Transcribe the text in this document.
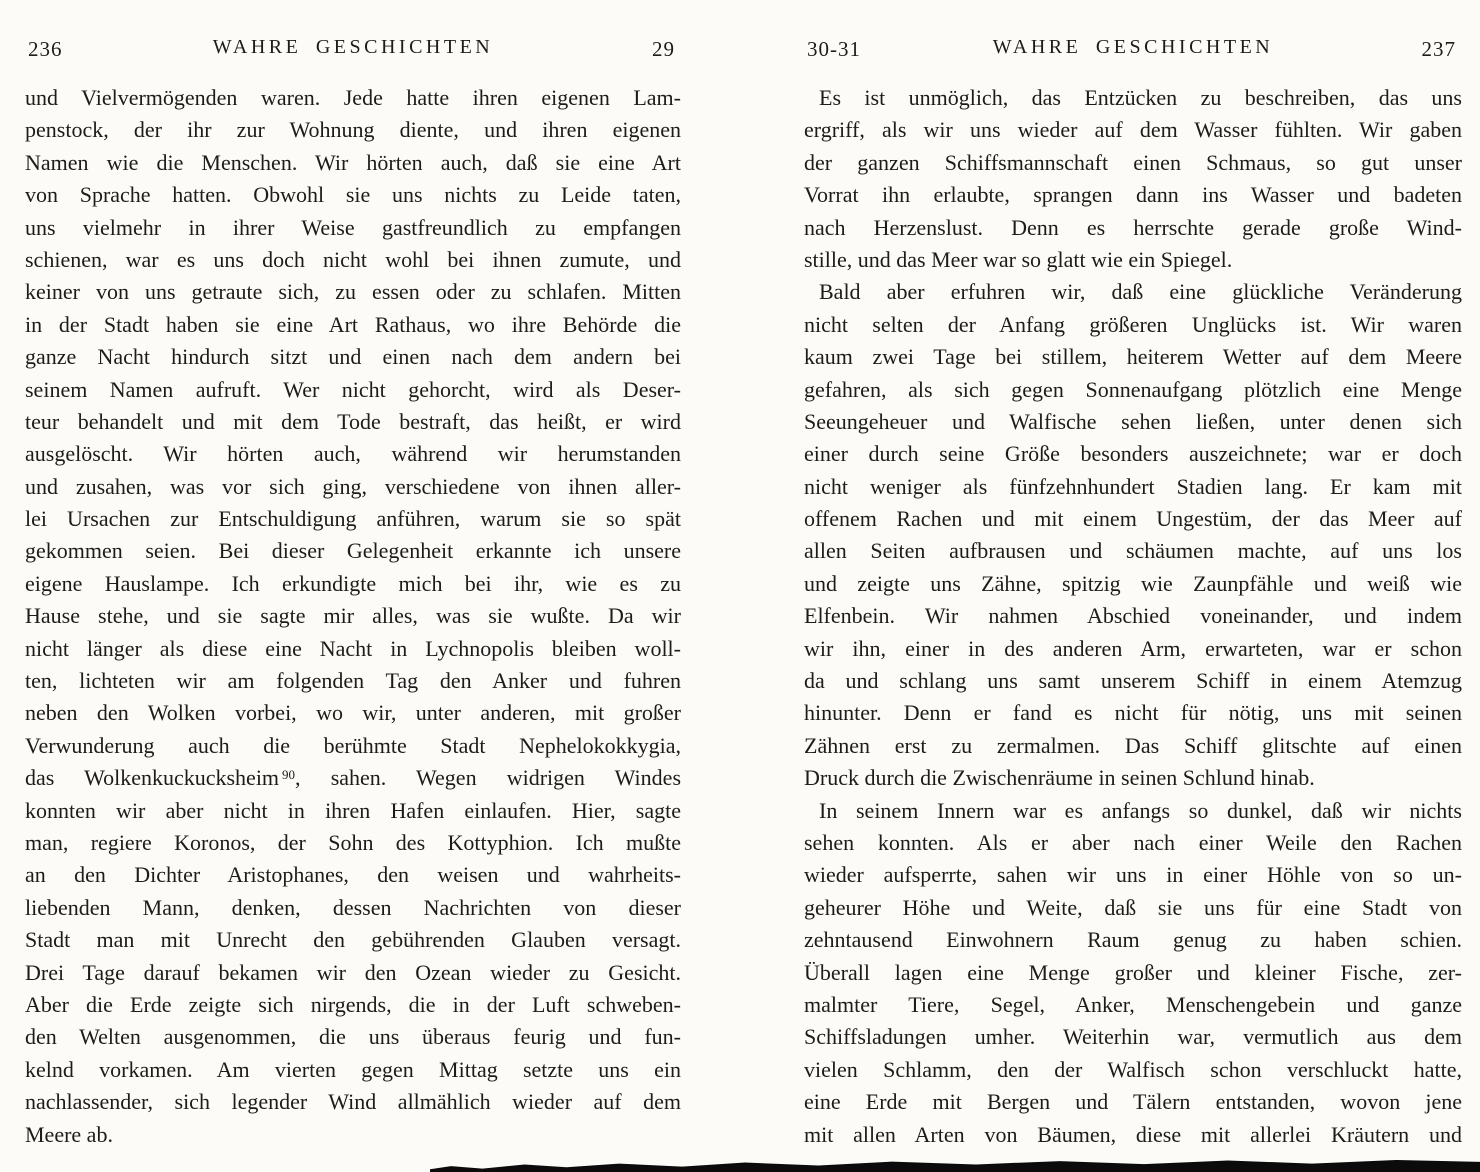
236	WAHRE GESCHICHTEN	29
und Vielvermögenden waren. Jede hatte ihren eigenen Lam-
penstock, der ihr zur Wohnung diente, und ihren eigenen
Namen wie die Menschen. Wir hörten auch, daß sie eine Art
von Sprache hatten. Obwohl sie uns nichts zu Leide taten,
uns vielmehr in ihrer Weise gastfreundlich zu empfangen
schienen, war es uns doch nicht wohl bei ihnen zumute, und
keiner von uns getraute sich, zu essen oder zu schlafen. Mitten
in der Stadt haben sie eine Art Rathaus, wo ihre Behörde die
ganze Nacht hindurch sitzt und einen nach dem andern bei
seinem Namen aufruft. Wer nicht gehorcht, wird als Deser-
teur behandelt und mit dem Tode bestraft, das heißt, er wird
ausgelöscht. Wir hörten auch, während wir herumstanden
und zusahen, was vor sich ging, verschiedene von ihnen aller-
lei Ursachen zur Entschuldigung anführen, warum sie so spät
gekommen seien. Bei dieser Gelegenheit erkannte ich unsere
eigene Hauslampe. Ich erkundigte mich bei ihr, wie es zu
Hause stehe, und sie sagte mir alles, was sie wußte. Da wir
nicht länger als diese eine Nacht in Lychnopolis bleiben woll-
ten, lichteten wir am folgenden Tag den Anker und fuhren
neben den Wolken vorbei, wo wir, unter anderen, mit großer
Verwunderung auch die berühmte Stadt Nephelokokkygia,
das Wolkenkuckucksheim $^{90}$, sahen. Wegen widrigen Windes
konnten wir aber nicht in ihren Hafen einlaufen. Hier, sagte
man, regiere Koronos, der Sohn des Kottyphion. Ich mußte
an den Dichter Aristophanes, den weisen und wahrheits-
liebenden Mann, denken, dessen Nachrichten von dieser
Stadt man mit Unrecht den gebührenden Glauben versagt.
Drei Tage darauf bekamen wir den Ozean wieder zu Gesicht.
Aber die Erde zeigte sich nirgends, die in der Luft schweben-
den Welten ausgenommen, die uns überaus feurig und fun-
kelnd vorkamen. Am vierten gegen Mittag setzte uns ein
nachlassender, sich legender Wind allmählich wieder auf dem
Meere ab.
30-31	WAHRE GESCHICHTEN	237
Es ist unmöglich, das Entzücken zu beschreiben, das uns
ergriff, als wir uns wieder auf dem Wasser fühlten. Wir gaben
der ganzen Schiffsmannschaft einen Schmaus, so gut unser
Vorrat ihn erlaubte, sprangen dann ins Wasser und badeten
nach Herzenslust. Denn es herrschte gerade große Wind-
stille, und das Meer war so glatt wie ein Spiegel.
Bald aber erfuhren wir, daß eine glückliche Veränderung
nicht selten der Anfang größeren Unglücks ist. Wir waren
kaum zwei Tage bei stillem, heiterem Wetter auf dem Meere
gefahren, als sich gegen Sonnenaufgang plötzlich eine Menge
Seeungeheuer und Walfische sehen ließen, unter denen sich
einer durch seine Größe besonders auszeichnete; war er doch
nicht weniger als fünfzehnhundert Stadien lang. Er kam mit
offenem Rachen und mit einem Ungestüm, der das Meer auf
allen Seiten aufbrausen und schäumen machte, auf uns los
und zeigte uns Zähne, spitzig wie Zaunpfähle und weiß wie
Elfenbein. Wir nahmen Abschied voneinander, und indem
wir ihn, einer in des anderen Arm, erwarteten, war er schon
da und schlang uns samt unserem Schiff in einem Atemzug
hinunter. Denn er fand es nicht für nötig, uns mit seinen
Zähnen erst zu zermalmen. Das Schiff glitschte auf einen
Druck durch die Zwischenräume in seinen Schlund hinab.
In seinem Innern war es anfangs so dunkel, daß wir nichts
sehen konnten. Als er aber nach einer Weile den Rachen
wieder aufsperrte, sahen wir uns in einer Höhle von so un-
geheurer Höhe und Weite, daß sie uns für eine Stadt von
zehntausend Einwohnern Raum genug zu haben schien.
Überall lagen eine Menge großer und kleiner Fische, zer-
malmter Tiere, Segel, Anker, Menschengebein und ganze
Schiffsladungen umher. Weiterhin war, vermutlich aus dem
vielen Schlamm, den der Walfisch schon verschluckt hatte,
eine Erde mit Bergen und Tälern entstanden, wovon jene
mit allen Arten von Bäumen, diese mit allerlei Kräutern und
